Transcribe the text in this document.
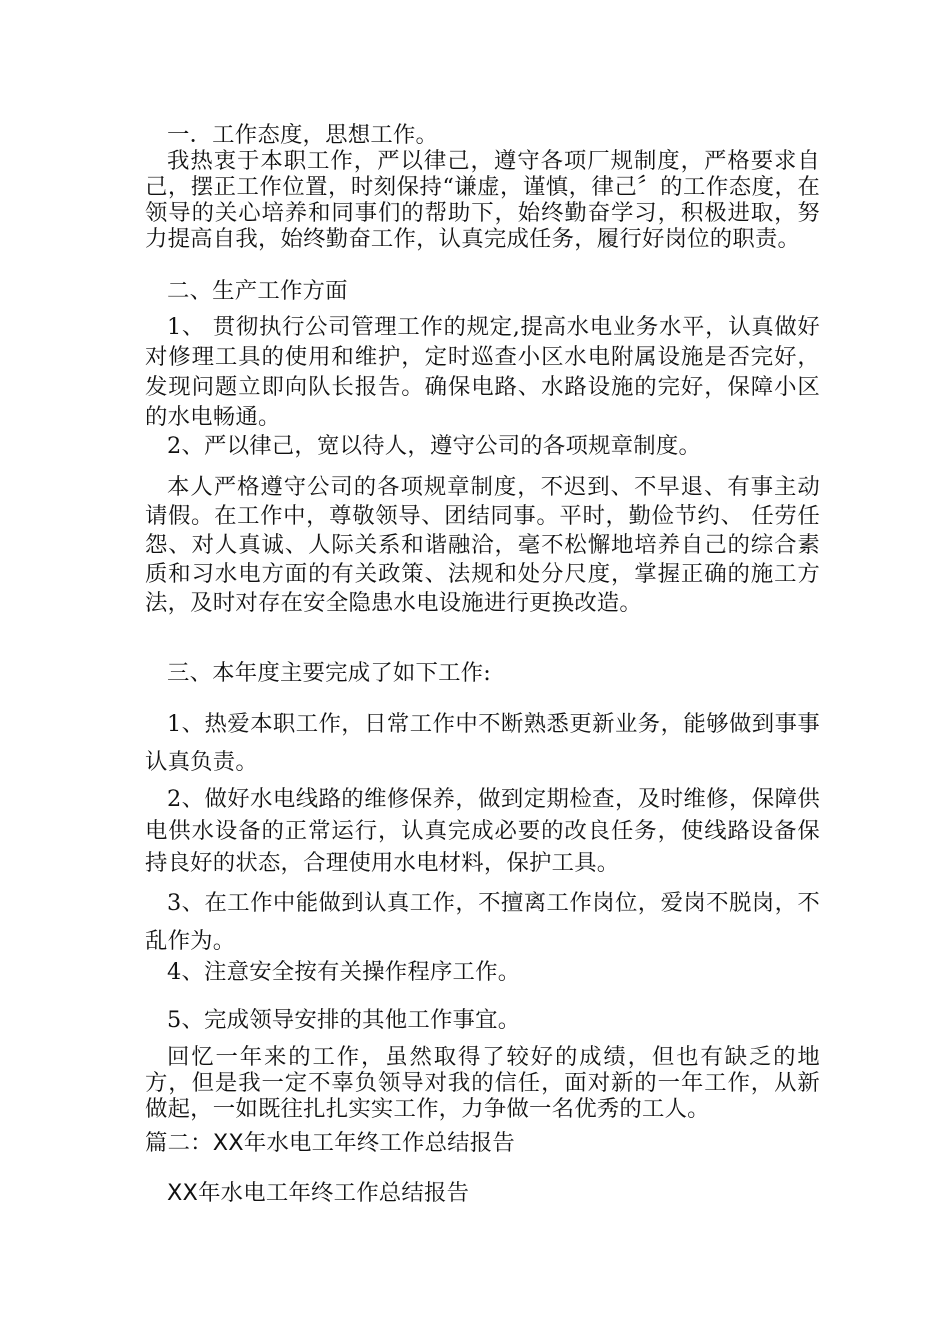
一．工作态度，思想工作。

我热衷于本职工作，严以律己，遵守各项厂规制度，严格要求自己，摆正工作位置，时刻保持“谦虚，谨慎，律己〞的工作态度，在领导的关心培养和同事们的帮助下，始终勤奋学习，积极进取，努力提高自我，始终勤奋工作，认真完成任务，履行好岗位的职责。

二、生产工作方面

1、 贯彻执行公司管理工作的规定,提高水电业务水平，认真做好对修理工具的使用和维护，定时巡查小区水电附属设施是否完好，发现问题立即向队长报告。确保电路、水路设施的完好，保障小区的水电畅通。

2、严以律己，宽以待人，遵守公司的各项规章制度。

本人严格遵守公司的各项规章制度，不迟到、不早退、有事主动请假。在工作中，尊敬领导、团结同事。平时，勤俭节约、 任劳任怨、对人真诚、人际关系和谐融洽，毫不松懈地培养自己的综合素质和习水电方面的有关政策、法规和处分尺度，掌握正确的施工方法，及时对存在安全隐患水电设施进行更换改造。

三、本年度主要完成了如下工作:

1、热爱本职工作，日常工作中不断熟悉更新业务，能够做到事事认真负责。

2、做好水电线路的维修保养，做到定期检查，及时维修，保障供电供水设备的正常运行，认真完成必要的改良任务，使线路设备保持良好的状态，合理使用水电材料，保护工具。

3、在工作中能做到认真工作，不擅离工作岗位，爱岗不脱岗，不乱作为。

4、注意安全按有关操作程序工作。

5、完成领导安排的其他工作事宜。

回忆一年来的工作，虽然取得了较好的成绩，但也有缺乏的地方，但是我一定不辜负领导对我的信任，面对新的一年工作，从新做起，一如既往扎扎实实工作，力争做一名优秀的工人。

篇二：XX年水电工年终工作总结报告

XX年水电工年终工作总结报告
